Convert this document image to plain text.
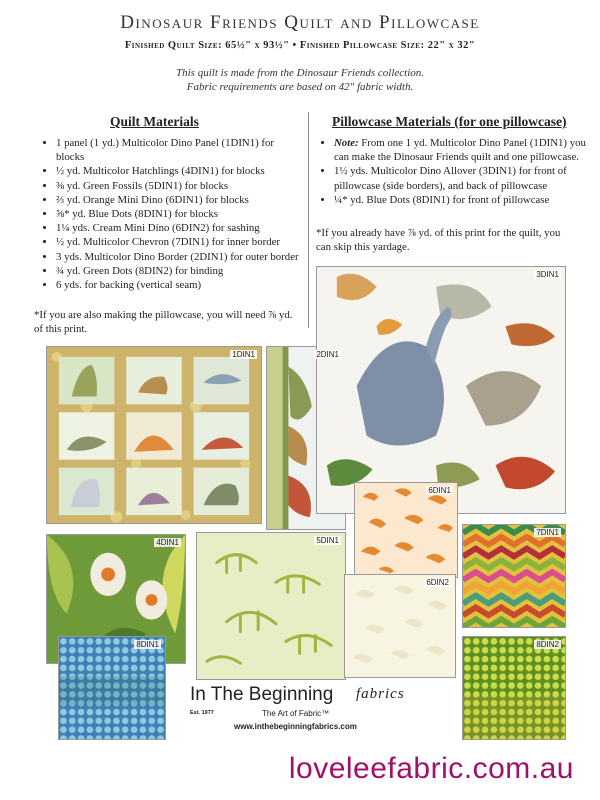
Dinosaur Friends Quilt and Pillowcase
Finished Quilt Size: 65½" x 93½" • Finished Pillowcase Size: 22" x 32"
This quilt is made from the Dinosaur Friends collection.
Fabric requirements are based on 42" fabric width.
Quilt Materials
• 1 panel (1 yd.) Multicolor Dino Panel (1DIN1) for blocks
• ½ yd. Multicolor Hatchlings (4DIN1) for blocks
• ⅜ yd. Green Fossils (5DIN1) for blocks
• ⅔ yd. Orange Mini Dino (6DIN1) for blocks
• ⅝* yd. Blue Dots (8DIN1) for blocks
• 1¼ yds. Cream Mini Dino (6DIN2) for sashing
• ½ yd. Multicolor Chevron (7DIN1) for inner border
• 3 yds. Multicolor Dino Border (2DIN1) for outer border
• ¾ yd. Green Dots (8DIN2) for binding
• 6 yds. for backing (vertical seam)
*If you are also making the pillowcase, you will need ⅞ yd. of this print.
Pillowcase Materials (for one pillowcase)
• Note: From one 1 yd. Multicolor Dino Panel (1DIN1) you can make the Dinosaur Friends quilt and one pillowcase.
• 1½ yds. Multicolor Dino Allover (3DIN1) for front of pillowcase (side borders), and back of pillowcase
• ¼* yd. Blue Dots (8DIN1) for front of pillowcase
*If you already have ⅞ yd. of this print for the quilt, you can skip this yardage.
1DIN1	2DIN1
3DIN1
4DIN1	5DIN1
6DIN1
7DIN1
6DIN2
8DIN1	8DIN2
In The Beginning fabrics
Est. 1977	The Art of Fabric™
www.inthebeginningfabrics.com
loveleefabric.com.au
